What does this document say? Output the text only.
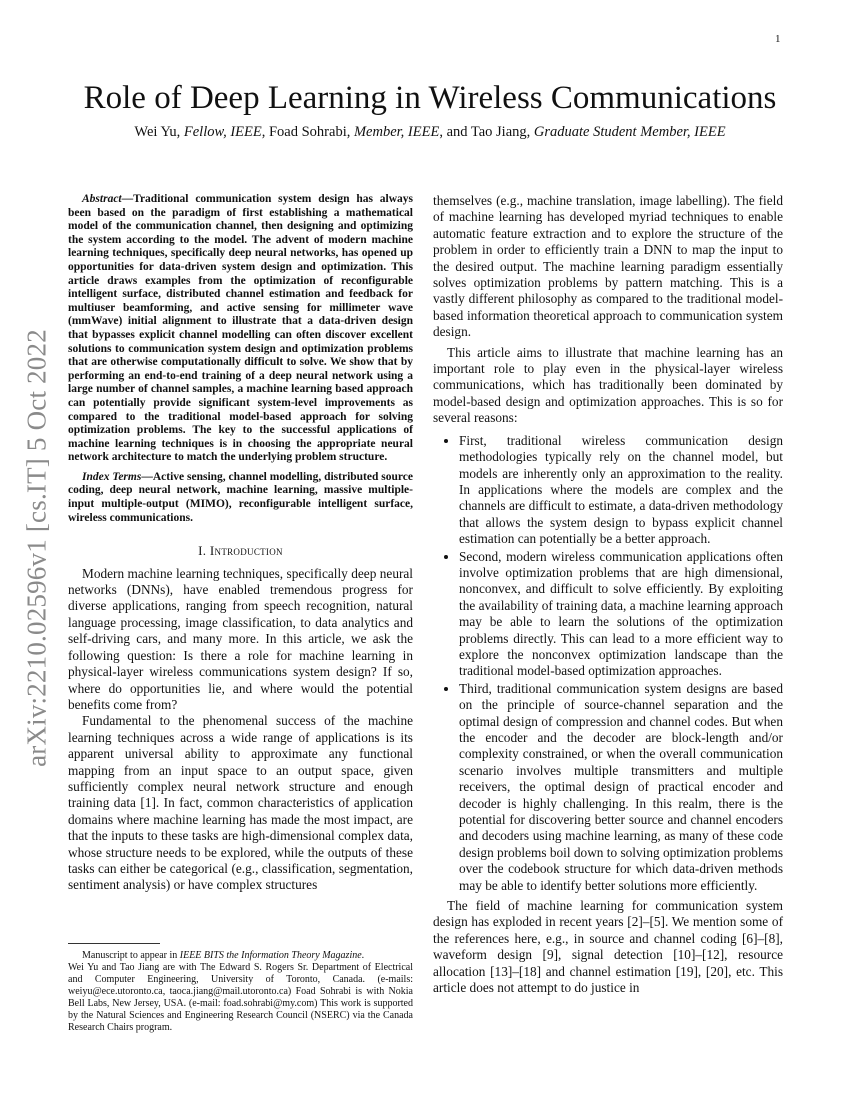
1
arXiv:2210.02596v1 [cs.IT] 5 Oct 2022
Role of Deep Learning in Wireless Communications
Wei Yu, Fellow, IEEE, Foad Sohrabi, Member, IEEE, and Tao Jiang, Graduate Student Member, IEEE

Abstract—Traditional communication system design has always been based on the paradigm of first establishing a mathematical model of the communication channel, then designing and optimizing the system according to the model. The advent of modern machine learning techniques, specifically deep neural networks, has opened up opportunities for data-driven system design and optimization. This article draws examples from the optimization of reconfigurable intelligent surface, distributed channel estimation and feedback for multiuser beamforming, and active sensing for millimeter wave (mmWave) initial alignment to illustrate that a data-driven design that bypasses explicit channel modelling can often discover excellent solutions to communication system design and optimization problems that are otherwise computationally difficult to solve. We show that by performing an end-to-end training of a deep neural network using a large number of channel samples, a machine learning based approach can potentially provide significant system-level improvements as compared to the traditional model-based approach for solving optimization problems. The key to the successful applications of machine learning techniques is in choosing the appropriate neural network architecture to match the underlying problem structure.

Index Terms—Active sensing, channel modelling, distributed source coding, deep neural network, machine learning, massive multiple-input multiple-output (MIMO), reconfigurable intelligent surface, wireless communications.

I. Introduction

Modern machine learning techniques, specifically deep neural networks (DNNs), have enabled tremendous progress for diverse applications, ranging from speech recognition, natural language processing, image classification, to data analytics and self-driving cars, and many more. In this article, we ask the following question: Is there a role for machine learning in physical-layer wireless communications system design? If so, where do opportunities lie, and where would the potential benefits come from?

Fundamental to the phenomenal success of the machine learning techniques across a wide range of applications is its apparent universal ability to approximate any functional mapping from an input space to an output space, given sufficiently complex neural network structure and enough training data [1]. In fact, common characteristics of application domains where machine learning has made the most impact, are that the inputs to these tasks are high-dimensional complex data, whose structure needs to be explored, while the outputs of these tasks can either be categorical (e.g., classification, segmentation, sentiment analysis) or have complex structures

Manuscript to appear in IEEE BITS the Information Theory Magazine.
Wei Yu and Tao Jiang are with The Edward S. Rogers Sr. Department of Electrical and Computer Engineering, University of Toronto, Canada. (e-mails: weiyu@ece.utoronto.ca, taoca.jiang@mail.utoronto.ca) Foad Sohrabi is with Nokia Bell Labs, New Jersey, USA. (e-mail: foad.sohrabi@my.com) This work is supported by the Natural Sciences and Engineering Research Council (NSERC) via the Canada Research Chairs program.

themselves (e.g., machine translation, image labelling). The field of machine learning has developed myriad techniques to enable automatic feature extraction and to explore the structure of the problem in order to efficiently train a DNN to map the input to the desired output. The machine learning paradigm essentially solves optimization problems by pattern matching. This is a vastly different philosophy as compared to the traditional model-based information theoretical approach to communication system design.

This article aims to illustrate that machine learning has an important role to play even in the physical-layer wireless communications, which has traditionally been dominated by model-based design and optimization approaches. This is so for several reasons:

• First, traditional wireless communication design methodologies typically rely on the channel model, but models are inherently only an approximation to the reality. In applications where the models are complex and the channels are difficult to estimate, a data-driven methodology that allows the system design to bypass explicit channel estimation can potentially be a better approach.
• Second, modern wireless communication applications often involve optimization problems that are high dimensional, nonconvex, and difficult to solve efficiently. By exploiting the availability of training data, a machine learning approach may be able to learn the solutions of the optimization problems directly. This can lead to a more efficient way to explore the nonconvex optimization landscape than the traditional model-based optimization approaches.
• Third, traditional communication system designs are based on the principle of source-channel separation and the optimal design of compression and channel codes. But when the encoder and the decoder are block-length and/or complexity constrained, or when the overall communication scenario involves multiple transmitters and multiple receivers, the optimal design of practical encoder and decoder is highly challenging. In this realm, there is the potential for discovering better source and channel encoders and decoders using machine learning, as many of these code design problems boil down to solving optimization problems over the codebook structure for which data-driven methods may be able to identify better solutions more efficiently.

The field of machine learning for communication system design has exploded in recent years [2]–[5]. We mention some of the references here, e.g., in source and channel coding [6]–[8], waveform design [9], signal detection [10]–[12], resource allocation [13]–[18] and channel estimation [19], [20], etc. This article does not attempt to do justice in
